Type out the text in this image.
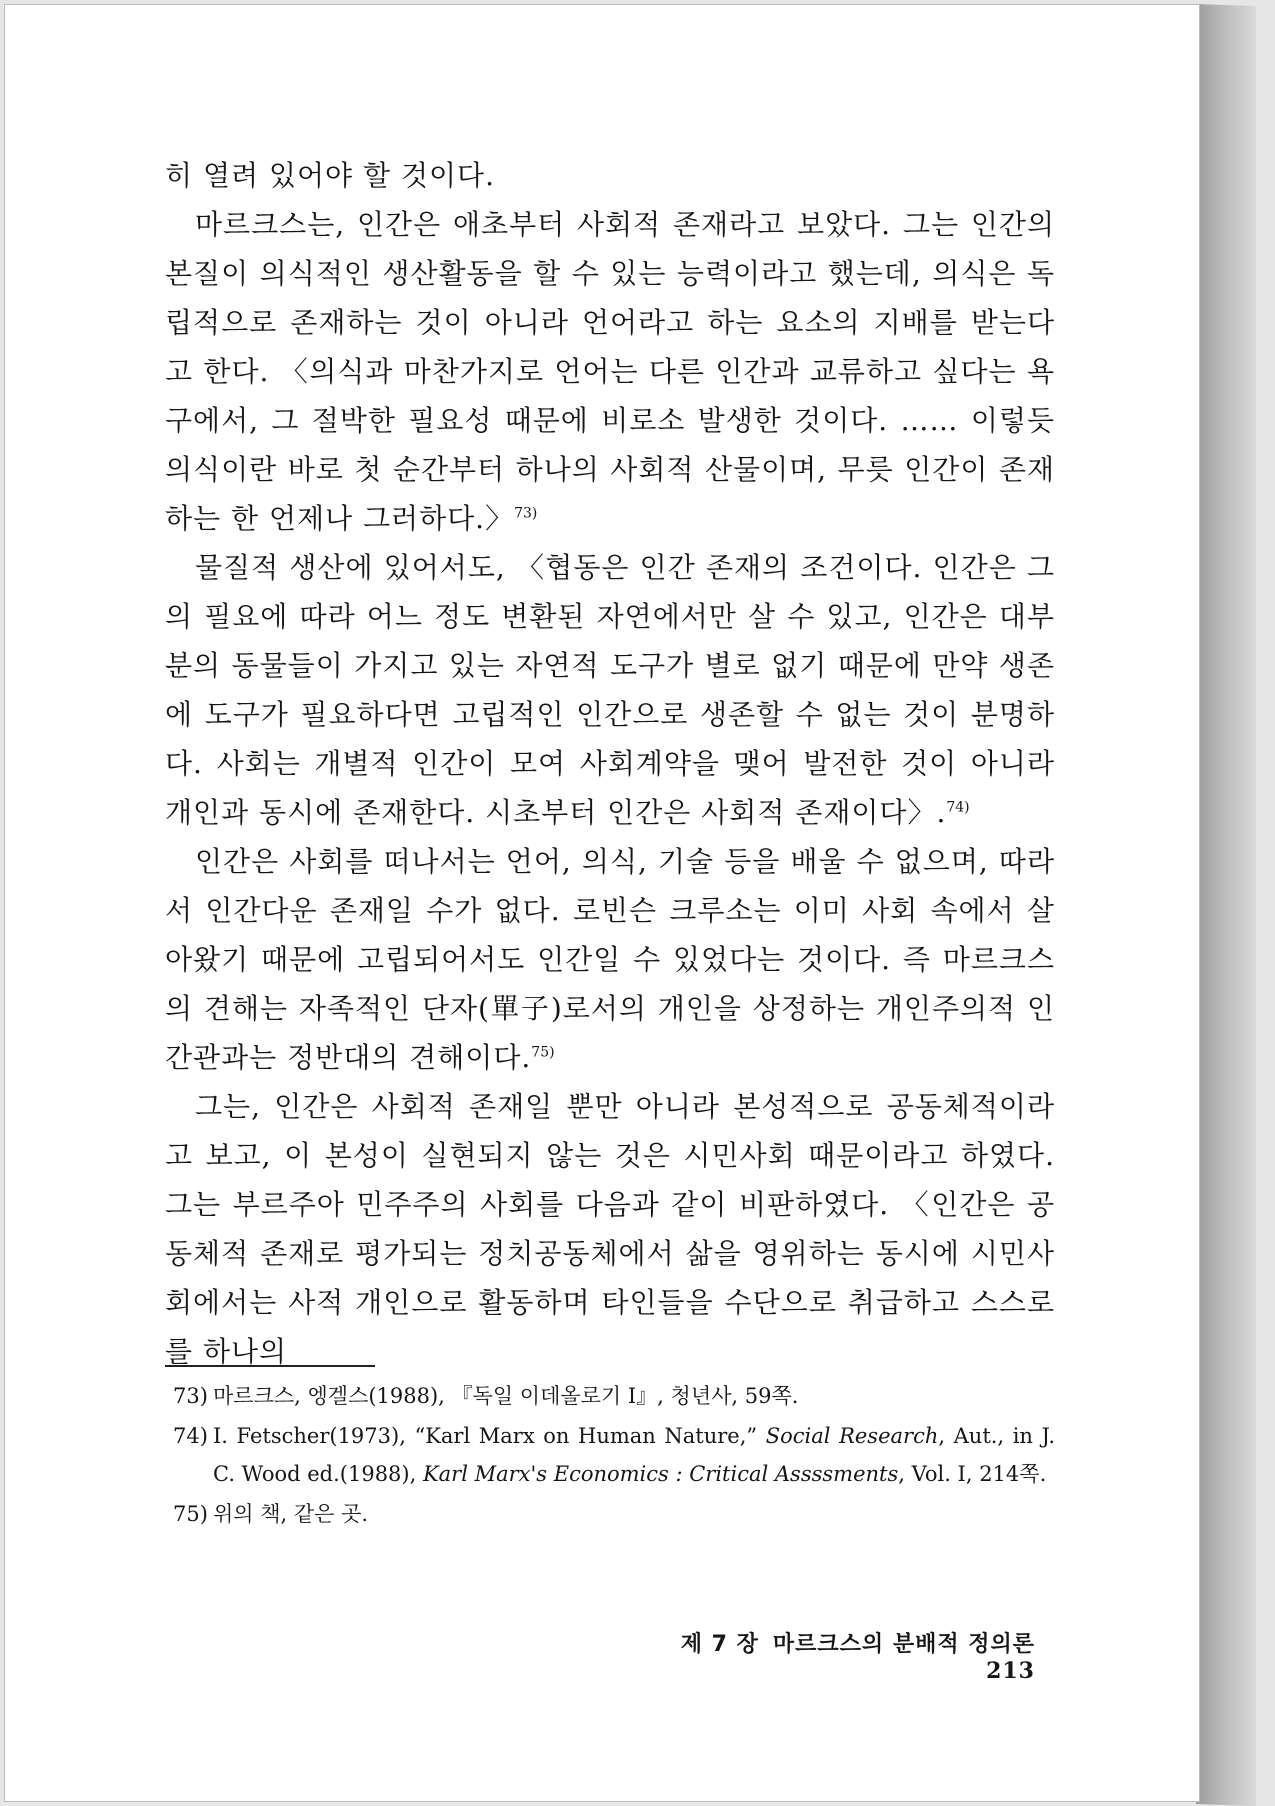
히 열려 있어야 할 것이다.

마르크스는, 인간은 애초부터 사회적 존재라고 보았다. 그는 인간의 본질이 의식적인 생산활동을 할 수 있는 능력이라고 했는데, 의식은 독립적으로 존재하는 것이 아니라 언어라고 하는 요소의 지배를 받는다고 한다. 〈의식과 마찬가지로 언어는 다른 인간과 교류하고 싶다는 욕구에서, 그 절박한 필요성 때문에 비로소 발생한 것이다. …… 이렇듯 의식이란 바로 첫 순간부터 하나의 사회적 산물이며, 무릇 인간이 존재하는 한 언제나 그러하다.〉$^{73)}$

물질적 생산에 있어서도, 〈협동은 인간 존재의 조건이다. 인간은 그의 필요에 따라 어느 정도 변환된 자연에서만 살 수 있고, 인간은 대부분의 동물들이 가지고 있는 자연적 도구가 별로 없기 때문에 만약 생존에 도구가 필요하다면 고립적인 인간으로 생존할 수 없는 것이 분명하다. 사회는 개별적 인간이 모여 사회계약을 맺어 발전한 것이 아니라 개인과 동시에 존재한다. 시초부터 인간은 사회적 존재이다〉.$^{74)}$

인간은 사회를 떠나서는 언어, 의식, 기술 등을 배울 수 없으며, 따라서 인간다운 존재일 수가 없다. 로빈슨 크루소는 이미 사회 속에서 살아왔기 때문에 고립되어서도 인간일 수 있었다는 것이다. 즉 마르크스의 견해는 자족적인 단자(單子)로서의 개인을 상정하는 개인주의적 인간관과는 정반대의 견해이다.$^{75)}$

그는, 인간은 사회적 존재일 뿐만 아니라 본성적으로 공동체적이라고 보고, 이 본성이 실현되지 않는 것은 시민사회 때문이라고 하였다. 그는 부르주아 민주주의 사회를 다음과 같이 비판하였다. 〈인간은 공동체적 존재로 평가되는 정치공동체에서 삶을 영위하는 동시에 시민사회에서는 사적 개인으로 활동하며 타인들을 수단으로 취급하고 스스로를 하나의

73) 마르크스, 엥겔스(1988), 『독일 이데올로기 Ⅰ』, 청년사, 59쪽.
74) I. Fetscher(1973), “Karl Marx on Human Nature,” Social Research, Aut., in J. C. Wood ed.(1988), Karl Marx's Economics : Critical Assssments, Vol. Ⅰ, 214쪽.
75) 위의 책, 같은 곳.
제 7 장 마르크스의 분배적 정의론213
